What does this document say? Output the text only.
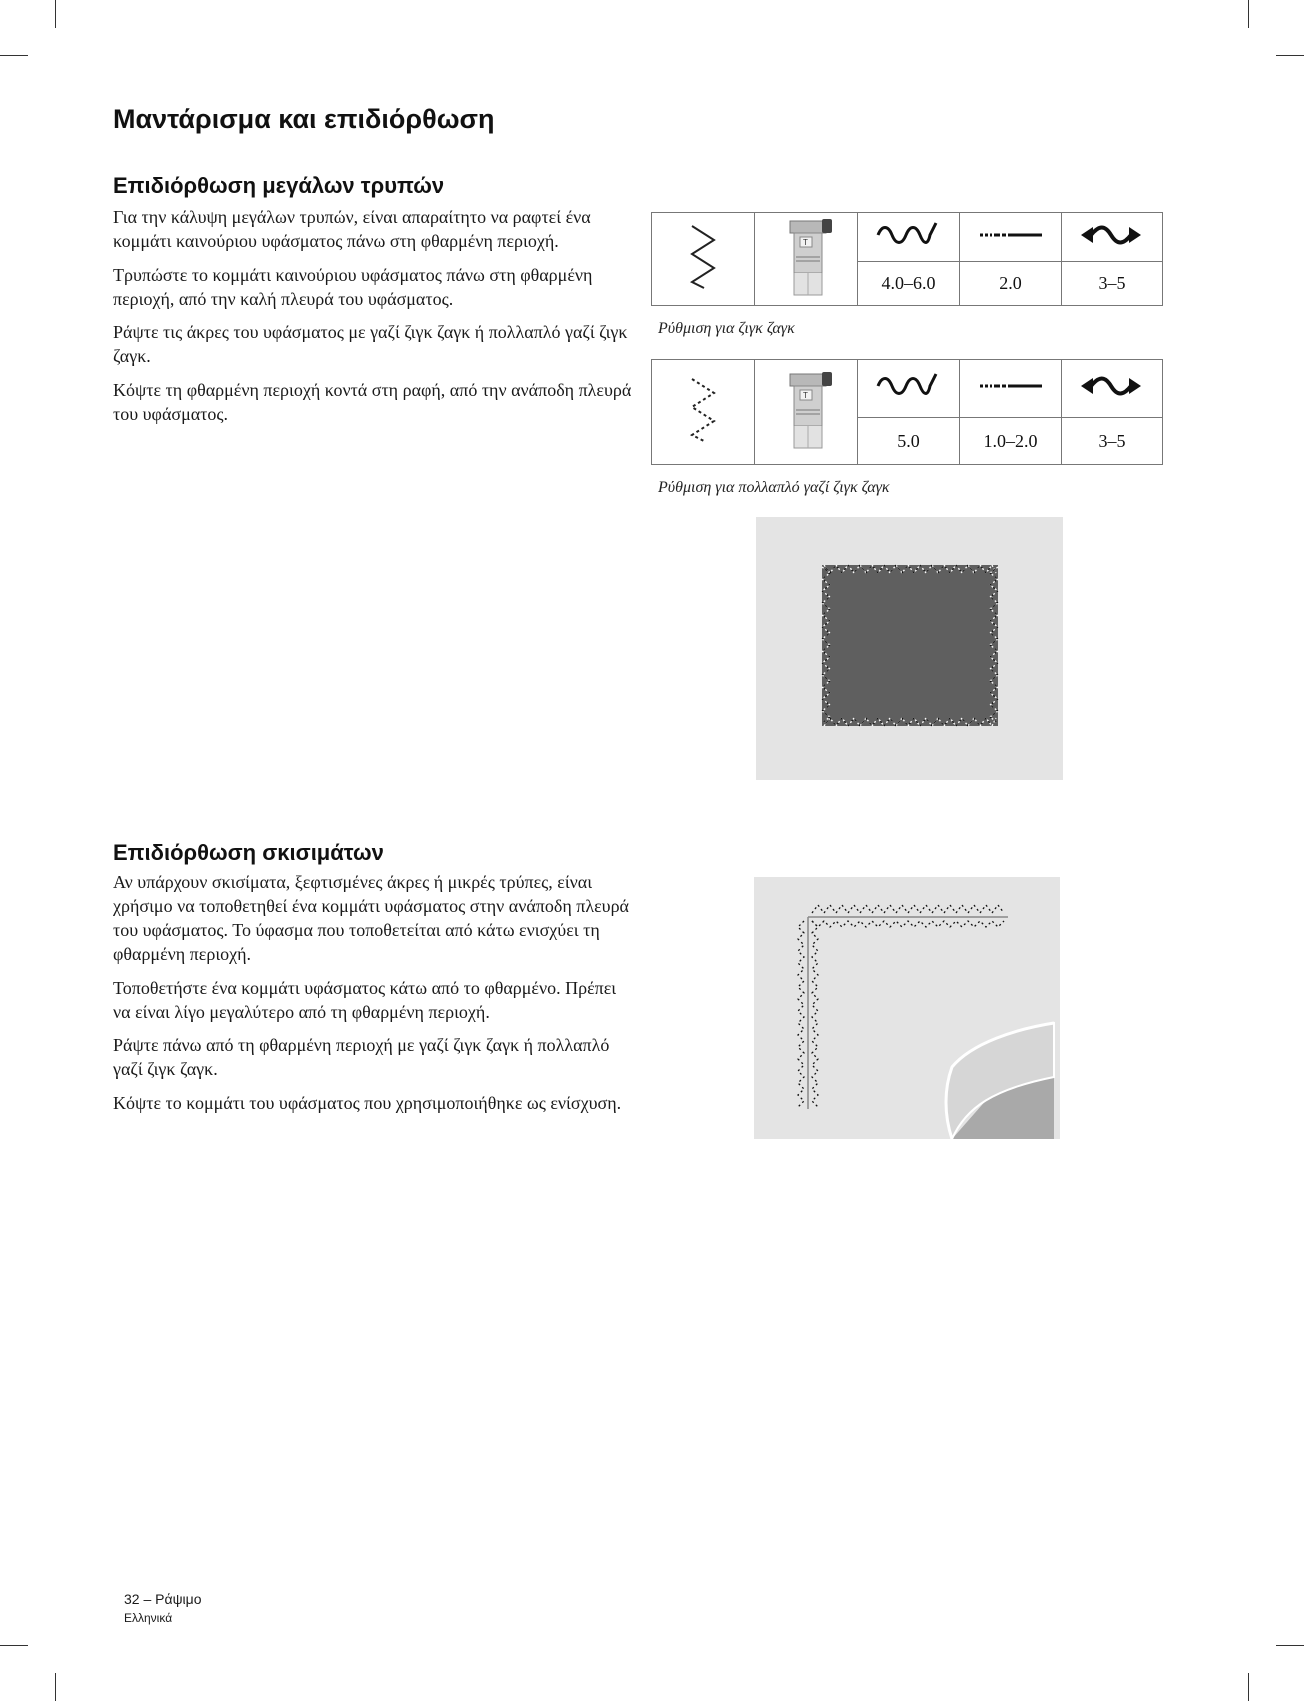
Μαντάρισμα και επιδιόρθωση
Επιδιόρθωση μεγάλων τρυπών

Για την κάλυψη μεγάλων τρυπών, είναι απαραίτητο να ραφτεί ένα κομμάτι καινούριου υφάσματος πάνω στη φθαρμένη περιοχή.

Τρυπώστε το κομμάτι καινούριου υφάσματος πάνω στη φθαρμένη περιοχή, από την καλή πλευρά του υφάσματος.

Ράψτε τις άκρες του υφάσματος με γαζί ζιγκ ζαγκ ή πολλαπλό γαζί ζιγκ ζαγκ.

Κόψτε τη φθαρμένη περιοχή κοντά στη ραφή, από την ανάποδη πλευρά του υφάσματος.

T

		4.0–6.0	2.0	3–5
Ρύθμιση για ζιγκ ζαγκ

T

		5.0	1.0–2.0	3–5
Ρύθμιση για πολλαπλό γαζί ζιγκ ζαγκ
Επιδιόρθωση σκισιμάτων

Αν υπάρχουν σκισίματα, ξεφτισμένες άκρες ή μικρές τρύπες, είναι χρήσιμο να τοποθετηθεί ένα κομμάτι υφάσματος στην ανάποδη πλευρά του υφάσματος. Το ύφασμα που τοποθετείται από κάτω ενισχύει τη φθαρμένη περιοχή.

Τοποθετήστε ένα κομμάτι υφάσματος κάτω από το φθαρμένο. Πρέπει να είναι λίγο μεγαλύτερο από τη φθαρμένη περιοχή.

Ράψτε πάνω από τη φθαρμένη περιοχή με γαζί ζιγκ ζαγκ ή πολλαπλό γαζί ζιγκ ζαγκ.

Κόψτε το κομμάτι του υφάσματος που χρησιμοποιήθηκε ως ενίσχυση.

32 – Ράψιμο
Ελληνικά
